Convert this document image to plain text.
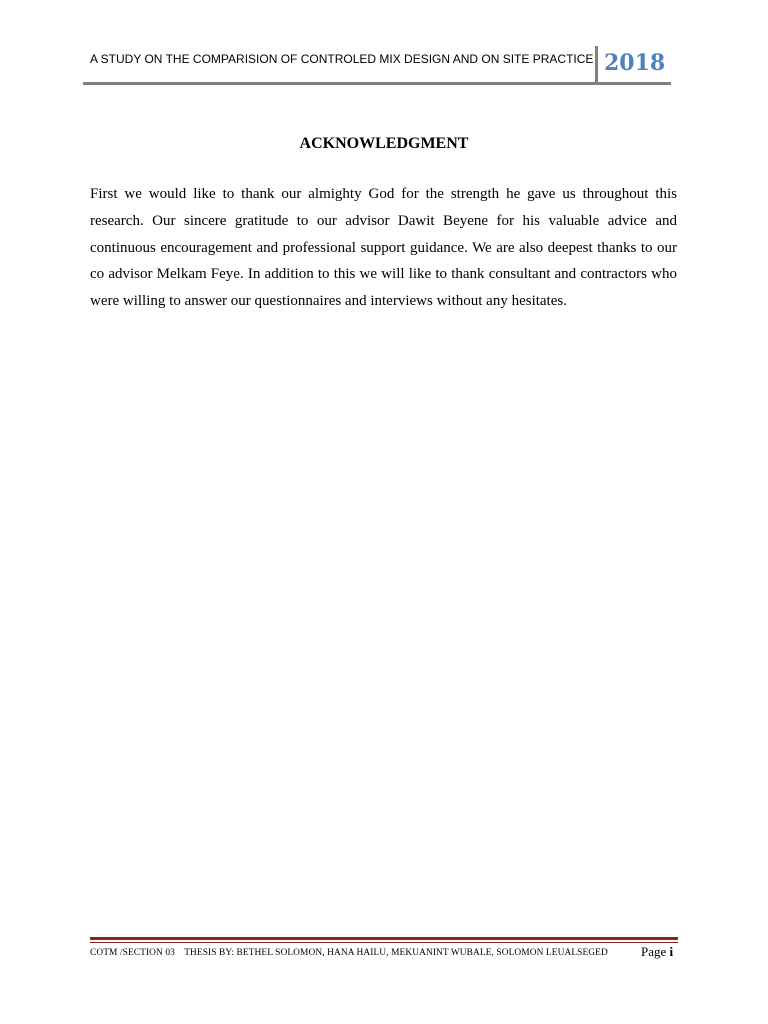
A STUDY ON THE COMPARISION OF CONTROLED MIX DESIGN AND ON SITE PRACTICE 2018
ACKNOWLEDGMENT

First we would like to thank our almighty God for the strength he gave us throughout this research. Our sincere gratitude to our advisor Dawit Beyene for his valuable advice and continuous encouragement and professional support guidance. We are also deepest thanks to our co advisor Melkam Feye. In addition to this we will like to thank consultant and contractors who were willing to answer our questionnaires and interviews without any hesitates.

COTM /SECTION 03 THESIS BY: BETHEL SOLOMON, HANA HAILU, MEKUANINT WUBALE, SOLOMON LEUALSEGED	Page i
